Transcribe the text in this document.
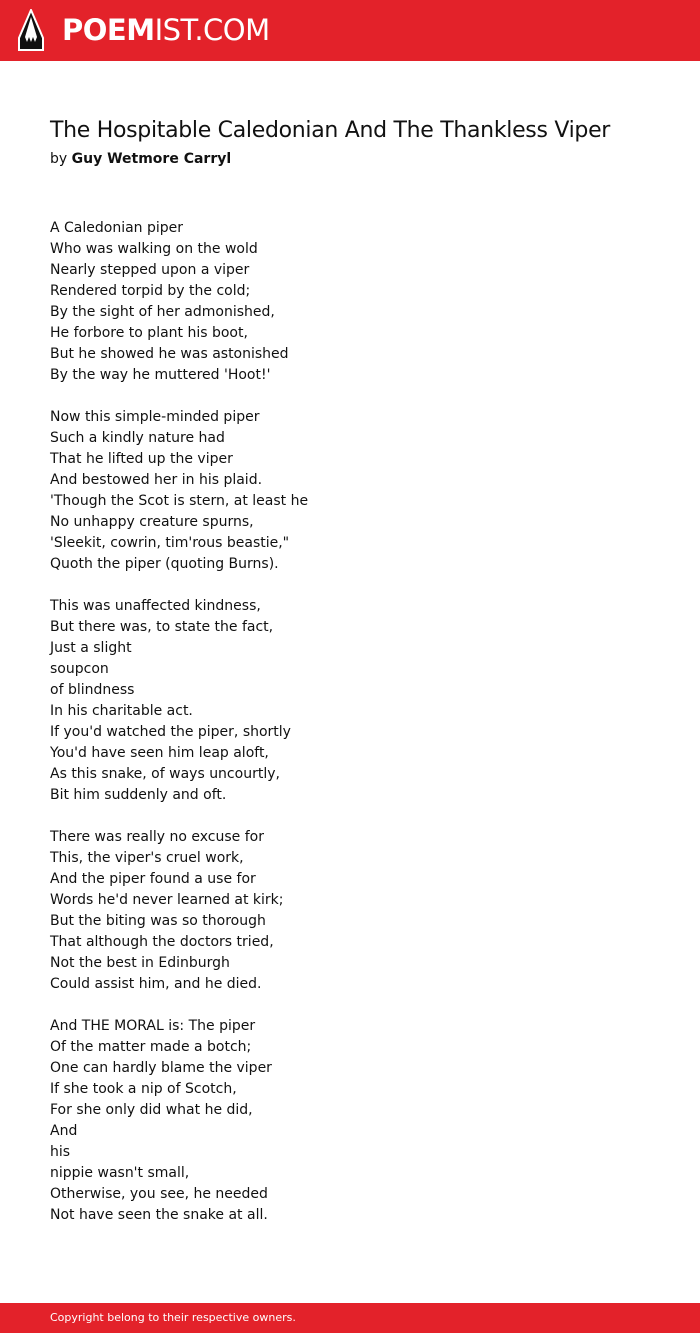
POEMIST.COM
The Hospitable Caledonian And The Thankless Viper
by Guy Wetmore Carryl
A Caledonian piper
Who was walking on the wold
Nearly stepped upon a viper
Rendered torpid by the cold;
By the sight of her admonished,
He forbore to plant his boot,
But he showed he was astonished
By the way he muttered 'Hoot!'
Now this simple-minded piper
Such a kindly nature had
That he lifted up the viper
And bestowed her in his plaid.
'Though the Scot is stern, at least he
No unhappy creature spurns,
'Sleekit, cowrin, tim'rous beastie,"
Quoth the piper (quoting Burns).
This was unaffected kindness,
But there was, to state the fact,
Just a slight
soupcon
of blindness
In his charitable act.
If you'd watched the piper, shortly
You'd have seen him leap aloft,
As this snake, of ways uncourtly,
Bit him suddenly and oft.
There was really no excuse for
This, the viper's cruel work,
And the piper found a use for
Words he'd never learned at kirk;
But the biting was so thorough
That although the doctors tried,
Not the best in Edinburgh
Could assist him, and he died.
And THE MORAL is: The piper
Of the matter made a botch;
One can hardly blame the viper
If she took a nip of Scotch,
For she only did what he did,
And
his
nippie wasn't small,
Otherwise, you see, he needed
Not have seen the snake at all.
Copyright belong to their respective owners.
